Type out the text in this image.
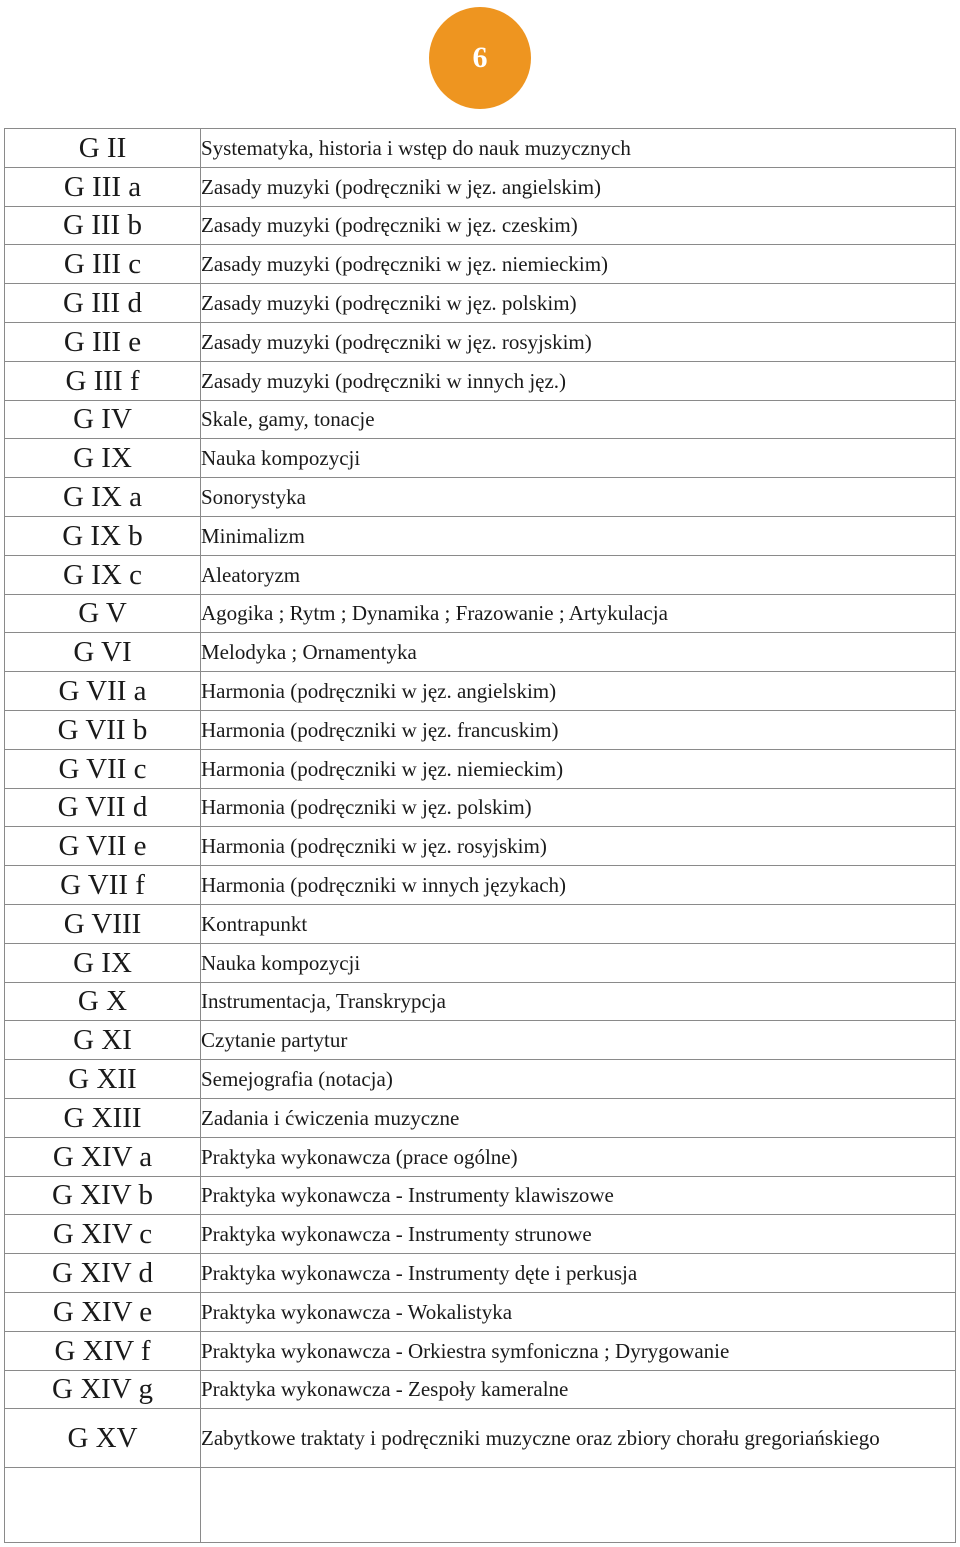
6
G II	Systematyka, historia i wstęp do nauk muzycznych
G III a	Zasady muzyki (podręczniki w jęz. angielskim)
G III b	Zasady muzyki (podręczniki w jęz. czeskim)
G III c	Zasady muzyki (podręczniki w jęz. niemieckim)
G III d	Zasady muzyki (podręczniki w jęz. polskim)
G III e	Zasady muzyki (podręczniki w jęz. rosyjskim)
G III f	Zasady muzyki (podręczniki w innych jęz.)
G IV	Skale, gamy, tonacje
G IX	Nauka kompozycji
G IX a	Sonorystyka
G IX b	Minimalizm
G IX c	Aleatoryzm
G V	Agogika ; Rytm ; Dynamika ; Frazowanie ; Artykulacja
G VI	Melodyka ; Ornamentyka
G VII a	Harmonia (podręczniki w jęz. angielskim)
G VII b	Harmonia (podręczniki w jęz. francuskim)
G VII c	Harmonia (podręczniki w jęz. niemieckim)
G VII d	Harmonia (podręczniki w jęz. polskim)
G VII e	Harmonia (podręczniki w jęz. rosyjskim)
G VII f	Harmonia (podręczniki w innych językach)
G VIII	Kontrapunkt
G IX	Nauka kompozycji
G X	Instrumentacja, Transkrypcja
G XI	Czytanie partytur
G XII	Semejografia (notacja)
G XIII	Zadania i ćwiczenia muzyczne
G XIV a	Praktyka wykonawcza (prace ogólne)
G XIV b	Praktyka wykonawcza - Instrumenty klawiszowe
G XIV c	Praktyka wykonawcza - Instrumenty strunowe
G XIV d	Praktyka wykonawcza - Instrumenty dęte i perkusja
G XIV e	Praktyka wykonawcza - Wokalistyka
G XIV f	Praktyka wykonawcza - Orkiestra symfoniczna ; Dyrygowanie
G XIV g	Praktyka wykonawcza - Zespoły kameralne
G XV	Zabytkowe traktaty i podręczniki muzyczne oraz zbiory chorału gregoriańskiego
